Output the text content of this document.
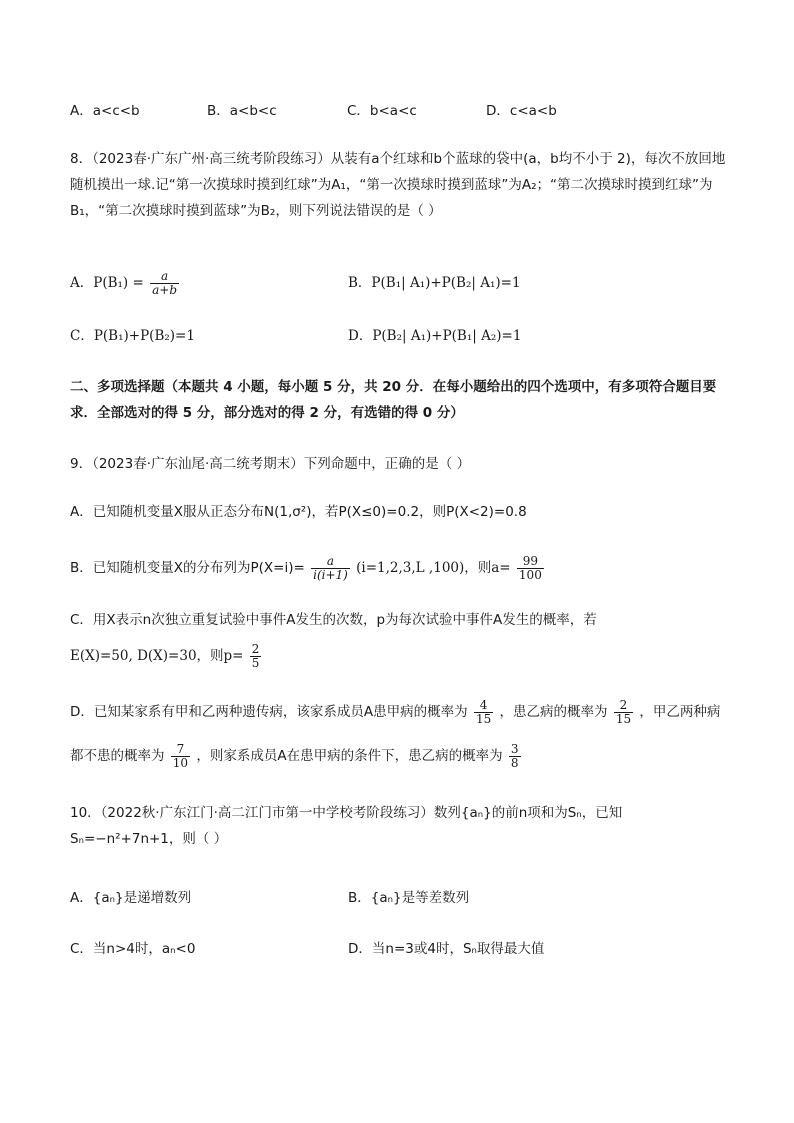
A．a<c<b	B．a<b<c	C．b<a<c	D．c<a<b
8．（2023春·广东广州·高三统考阶段练习）从装有a个红球和b个蓝球的袋中(a，b均不小于 2)，每次不放回地随机摸出一球.记“第一次摸球时摸到红球”为A₁，“第一次摸球时摸到蓝球”为A₂；“第二次摸球时摸到红球”为B₁，“第二次摸球时摸到蓝球”为B₂，则下列说法错误的是（ ）
A．$P(B_1) = \frac{a}{a+b}$	B．P(B₁| A₁)+P(B₂| A₁)=1
C．P(B₁)+P(B₂)=1	D．P(B₂| A₁)+P(B₁| A₂)=1
二、多项选择题（本题共 4 小题，每小题 5 分，共 20 分．在每小题给出的四个选项中，有多项符合题目要求．全部选对的得 5 分，部分选对的得 2 分，有选错的得 0 分）
9．（2023春·广东汕尾·高二统考期末）下列命题中，正确的是（ ）
A．已知随机变量X服从正态分布N(1,σ²)，若P(X≤0)=0.2，则P(X<2)=0.8
B．已知随机变量X的分布列为$P(X=i)= \frac{a}{i(i+1)} (i=1,2,3,L$ ,100)，则$a= \frac{99}{100}$
C．用X表示n次独立重复试验中事件A发生的次数，p为每次试验中事件A发生的概率，若
E(X)=50, D(X)=30，则$p= \frac{2}{5}$
D．已知某家系有甲和乙两种遗传病，该家系成员A患甲病的概率为 $\frac{4}{15}$ ，患乙病的概率为 $\frac{2}{15}$ ，甲乙两种病
都不患的概率为 $\frac{7}{10}$ ，则家系成员A在患甲病的条件下，患乙病的概率为 $\frac{3}{8}$
10．（2022秋·广东江门·高二江门市第一中学校考阶段练习）数列{aₙ}的前n项和为Sₙ，已知Sₙ=−n²+7n+1，则（ ）
A．{aₙ}是递增数列	B．{aₙ}是等差数列
C．当n>4时，aₙ<0	D．当n=3或4时，Sₙ取得最大值
